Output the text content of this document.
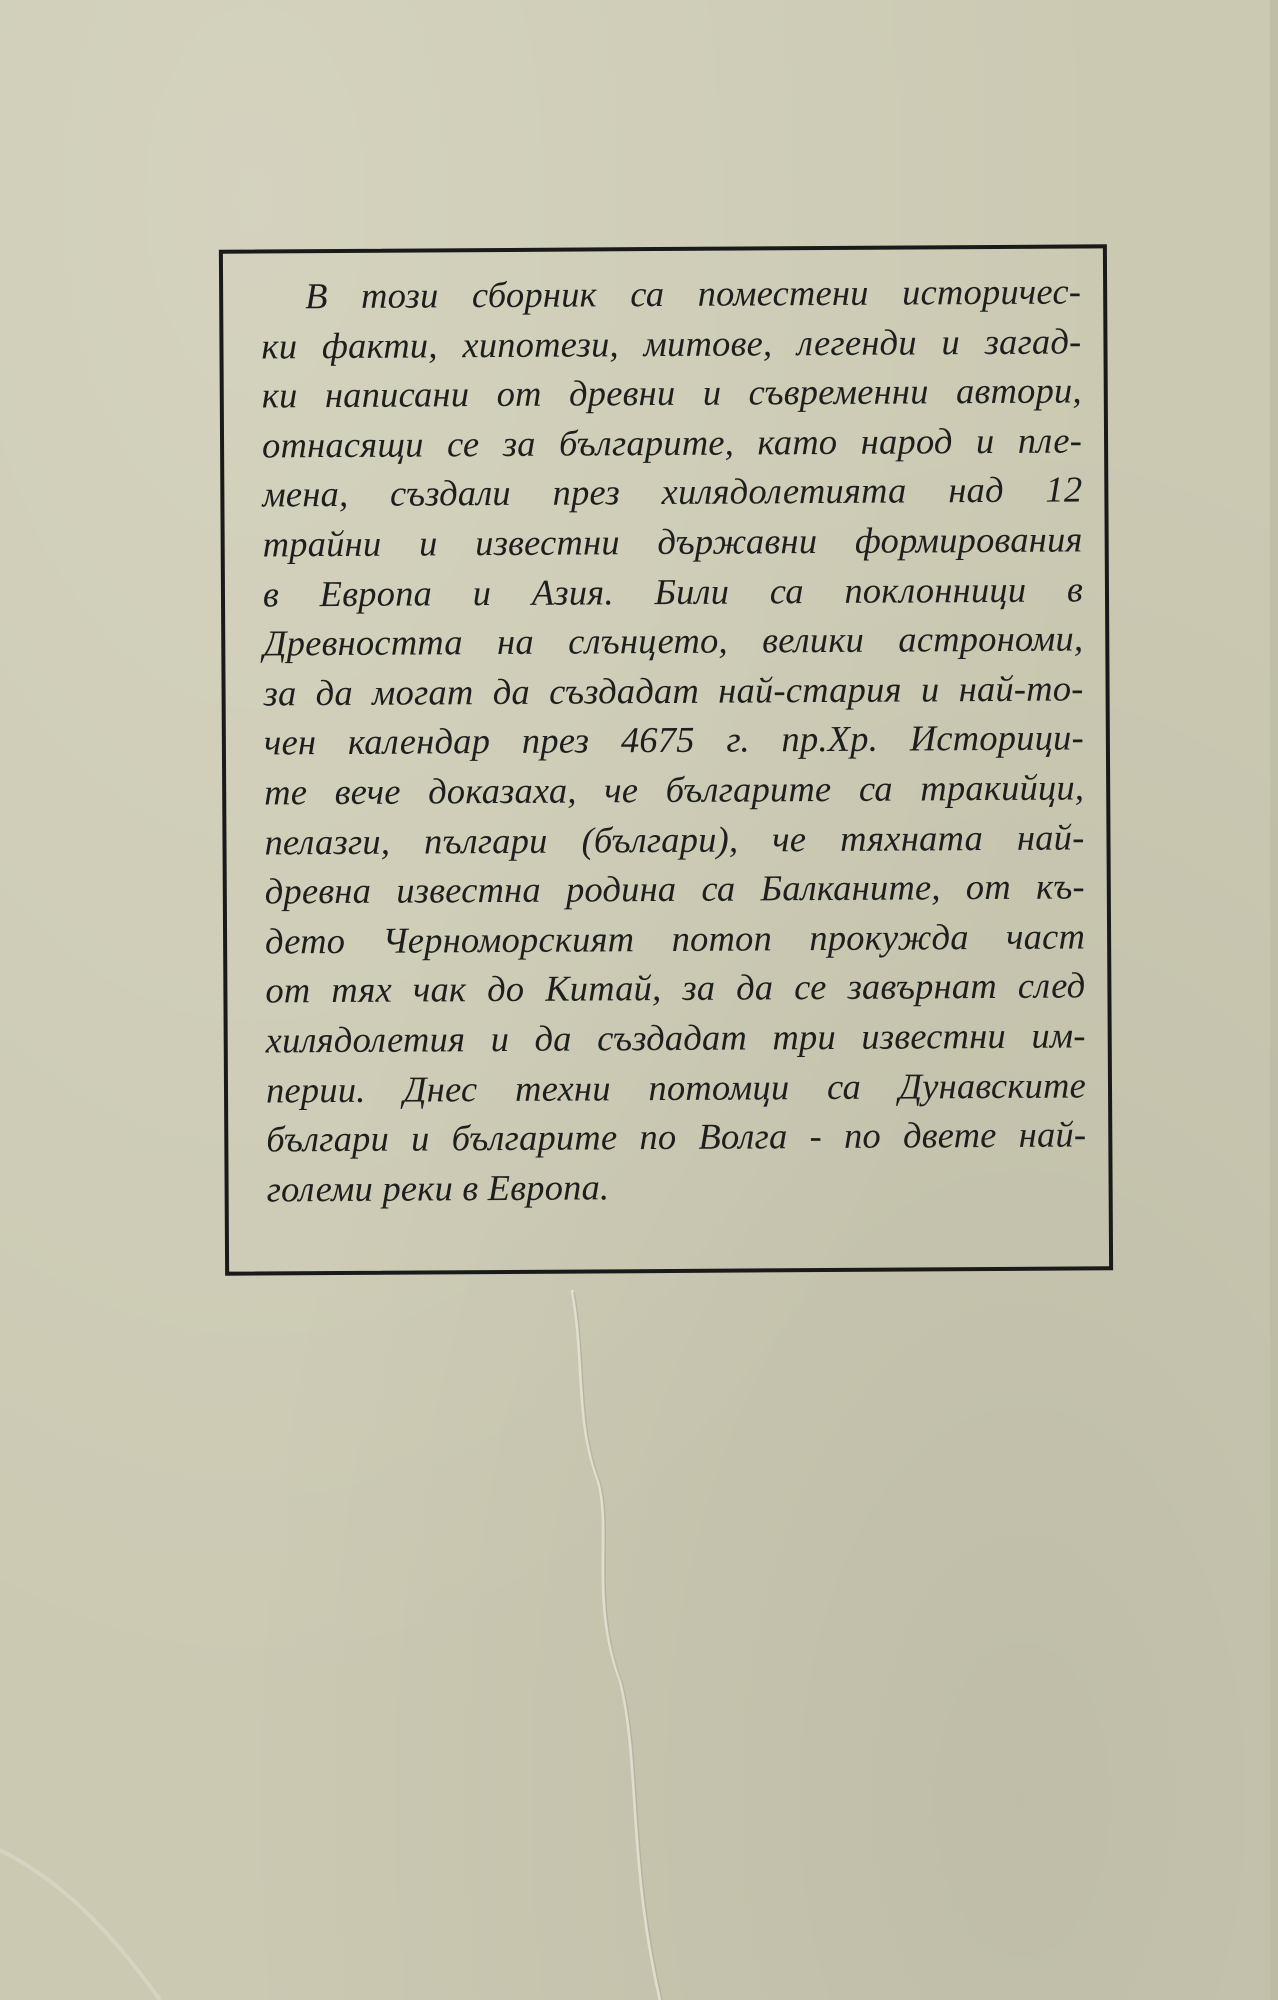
В този сборник са поместени историчес-
ки факти, хипотези, митове, легенди и загад-
ки написани от древни и съвременни автори,
отнасящи се за българите, като народ и пле-
мена, създали през хилядолетията над 12
трайни и известни държавни формирования
в Европа и Азия. Били са поклонници в
Древността на слънцето, велики астрономи,
за да могат да създадат най-стария и най-то-
чен календар през 4675 г. пр.Хр. Историци-
те вече доказаха, че българите са тракийци,
пелазги, пългари (българи), че тяхната най-
древна известна родина са Балканите, от къ-
дето Черноморският потоп прокужда част
от тях чак до Китай, за да се завърнат след
хилядолетия и да създадат три известни им-
перии. Днес техни потомци са Дунавските
българи и българите по Волга - по двете най-
големи реки в Европа.
